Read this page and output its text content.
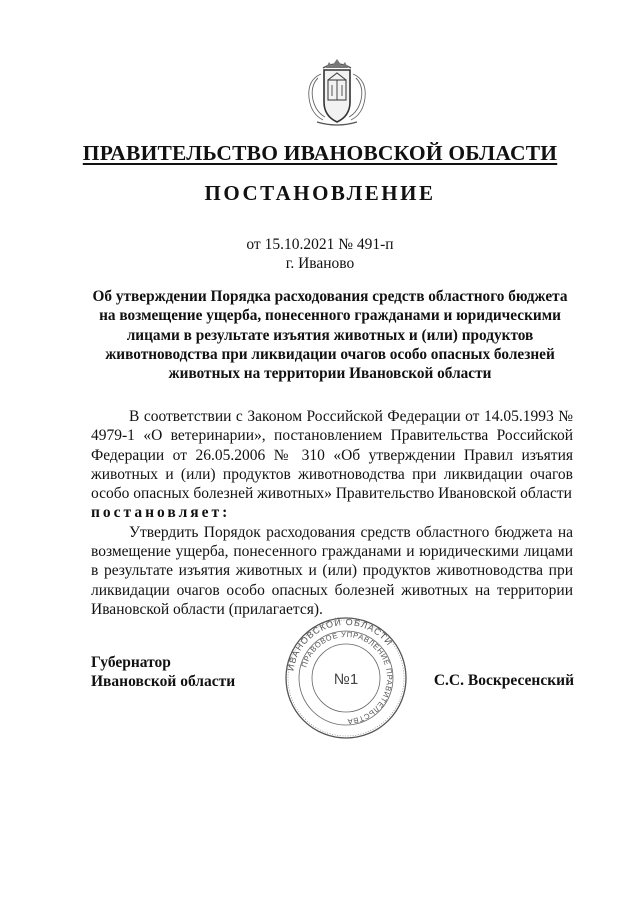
ПРАВИТЕЛЬСТВО ИВАНОВСКОЙ ОБЛАСТИ
ПОСТАНОВЛЕНИЕ
от 15.10.2021 № 491-п
г. Иваново
Об утверждении Порядка расходования средств областного бюджета
на возмещение ущерба, понесенного гражданами и юридическими
лицами в результате изъятия животных и (или) продуктов
животноводства при ликвидации очагов особо опасных болезней
животных на территории Ивановской области

В соответствии с Законом Российской Федерации от 14.05.1993 № 4979-1 «О ветеринарии», постановлением Правительства Российской Федерации от 26.05.2006 № 310 «Об утверждении Правил изъятия животных и (или) продуктов животноводства при ликвидации очагов особо опасных болезней животных» Правительство Ивановской области

постановляет:

Утвердить Порядок расходования средств областного бюджета на возмещение ущерба, понесенного гражданами и юридическими лицами в результате изъятия животных и (или) продуктов животноводства при ликвидации очагов особо опасных болезней животных на территории Ивановской области (прилагается).

Губернатор
Ивановской области	С.С. Воскресенский
ИВАНОВСКОЙ ОБЛАСТИ
ПРАВОВОЕ УПРАВЛЕНИЕ ПРАВИТЕЛЬСТВА
№1
